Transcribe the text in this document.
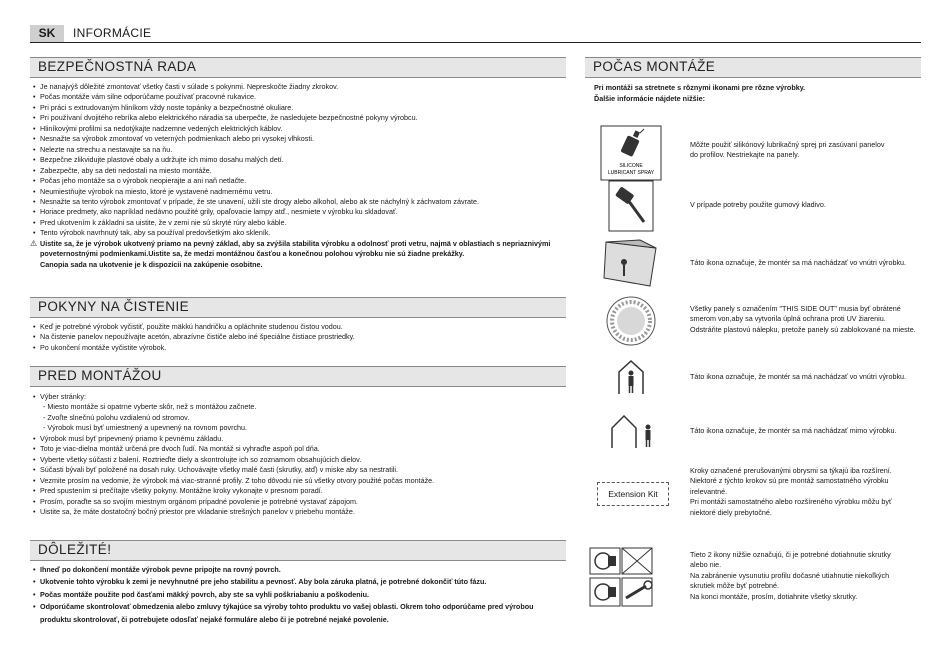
SK	INFORMÁCIE
BEZPEČNOSTNÁ RADA
• Je nanajvýš dôležité zmontovať všetky časti v súlade s pokynmi. Nepreskočte žiadny zkrokov.
• Počas montáže vám silne odporúčame používať pracovné rukavice.
• Pri práci s extrudovaným hliníkom vždy noste topánky a bezpečnostné okuliare.
• Pri používaní dvojitého rebríka alebo elektrického náradia sa uberpečte, že nasledujete bezpečnostné pokyny výrobcu.
• Hliníkovými profilmi sa nedotýkajte nadzemne vedených elektrických káblov.
• Nesnažte sa výrobok zmontovať vo veterných podmienkach alebo pri vysokej vlhkosti.
• Nelezte na strechu a nestavajte sa na ňu.
• Bezpečne zlikvidujte plastové obaly a udržujte ich mimo dosahu malých detí.
• Zabezpečte, aby sa deti nedostali na miesto montáže.
• Počas jeho montáže sa o výrobok neopierajte a ani naň netlačte.
• Neumiestňujte výrobok na miesto, ktoré je vystavené nadmernému vetru.
• Nesnažte sa tento výrobok zmontovať v prípade, že ste unavení, užili ste drogy alebo alkohol, alebo ak ste náchylný k záchvatom závrate.
• Horiace predmety, ako napríklad nedávno použité grily, opaľovacie lampy atď., nesmiete v výrobku ku skladovať.
• Pred ukotvením k základni sa uistite, že v zemi nie sú skryté rúry alebo káble.
• Tento výrobok navrhnutý tak, aby sa používal predovšetkým ako skleník.
⚠ Uistite sa, že je výrobok ukotvený priamo na pevný základ, aby sa zvýšila stabilita výrobku a odolnosť proti vetru, najmä v oblastiach s nepriaznivými poveternostnými podmienkami.Uistite sa, že medzi montážnou časťou a konečnou polohou výrobku nie sú žiadne prekážky.
Canopia sada na ukotvenie je k dispozícii na zakúpenie osobitne.
POKYNY NA ČISTENIE
• Keď je potrebné výrobok vyčistiť, použite mäkkú handričku a opláchnite studenou čistou vodou.
• Na čistenie panelov nepoužívajte acetón, abrazívne čističe alebo iné špeciálne čistiace prostriedky.
• Po ukončení montáže vyčistite výrobok.
PRED MONTÁŽOU
• Výber stránky:
- Miesto montáže si opatrne vyberte skôr, než s montážou začnete.
- Zvoľte slnečnú polohu vzdialenú od stromov.
- Výrobok musí byť umiestnený a upevnený na rovnom povrchu.
• Výrobok musí byť pripevnený priamo k pevnému základu.
• Toto je viac-dielna montáž určená pre dvoch ľudí. Na montáž si vyhraďte aspoň pol dňa.
• Vyberte všetky súčasti z balení. Roztrieďte diely a skontrolujte ich so zoznamom obsahujúcich dielov.
• Súčasti bývali byť položené na dosah ruky. Uchovávajte všetky malé časti (skrutky, atď) v miske aby sa nestratili.
• Vezmite prosím na vedomie, že výrobok má viac-stranné profily. Z toho dôvodu nie sú všetky otvory použité počas montáže.
• Pred spustením si prečítajte všetky pokyny. Montážne kroky vykonajte v presnom poradí.
• Prosím, poraďte sa so svojím miestnym orgánom prípadné povolenie je potrebné vystavať zápojom.
• Uistite sa, že máte dostatočný bočný priestor pre vkladanie strešných panelov v priebehu montáže.
DÔLEŽITÉ!
• Ihneď po dokončení montáže výrobok pevne pripojte na rovný povrch.
• Ukotvenie tohto výrobku k zemi je nevyhnutné pre jeho stabilitu a pevnosť. Aby bola záruka platná, je potrebné dokončiť túto fázu.
• Počas montáže použite pod časťami mäkký povrch, aby ste sa vyhli poškriabaniu a poškodeniu.
• Odporúčame skontrolovať obmedzenia alebo zmluvy týkajúce sa výroby tohto produktu vo vašej oblasti. Okrem toho odporúčame pred výrobou produktu skontrolovať, či potrebujete odosľať nejaké formuláre alebo či je potrebné nejaké povolenie.
POČAS MONTÁŽE
Pri montáži sa stretnete s rôznymi ikonami pre rôzne výrobky.
Ďalšie informácie nájdete nižšie:
SILICONE
LUBRICANT SPRAY
Môžte použiť silikónový lubrikačný sprej pri zasúvaní panelov
do profilov. Nestriekajte na panely.
V prípade potreby použite gumový kladivo.
Táto ikona označuje, že montér sa má nachádzať vo vnútri výrobku.
Všetky panely s označením "THIS SIDE OUT" musia byť obrátené
smerom von,aby sa vytvorila úplná ochrana proti UV žiareniu.
Odstráňte plastovú nálepku, pretože panely sú zablokované na mieste.
Táto ikona označuje, že montér sa má nachádzať vo vnútri výrobku.
Táto ikona označuje, že montér sa má nachádzať mimo výrobku.
Extension Kit
Kroky označené prerušovanými obrysmi sa týkajú iba rozšírení.
Niektoré z týchto krokov sú pre montáž samostatného výrobku
irelevantné.
Pri montáži samostatného alebo rozšíreného výrobku môžu byť
niektoré diely prebytočné.
Tieto 2 ikony nižšie označujú, či je potrebné dotiahnutie skrutky
alebo nie.
Na zabránenie vysunutiu profilu dočasné utiahnutie niekoľkých
skrutiek môže byť potrebné.
Na konci montáže, prosím, dotiahnite všetky skrutky.
